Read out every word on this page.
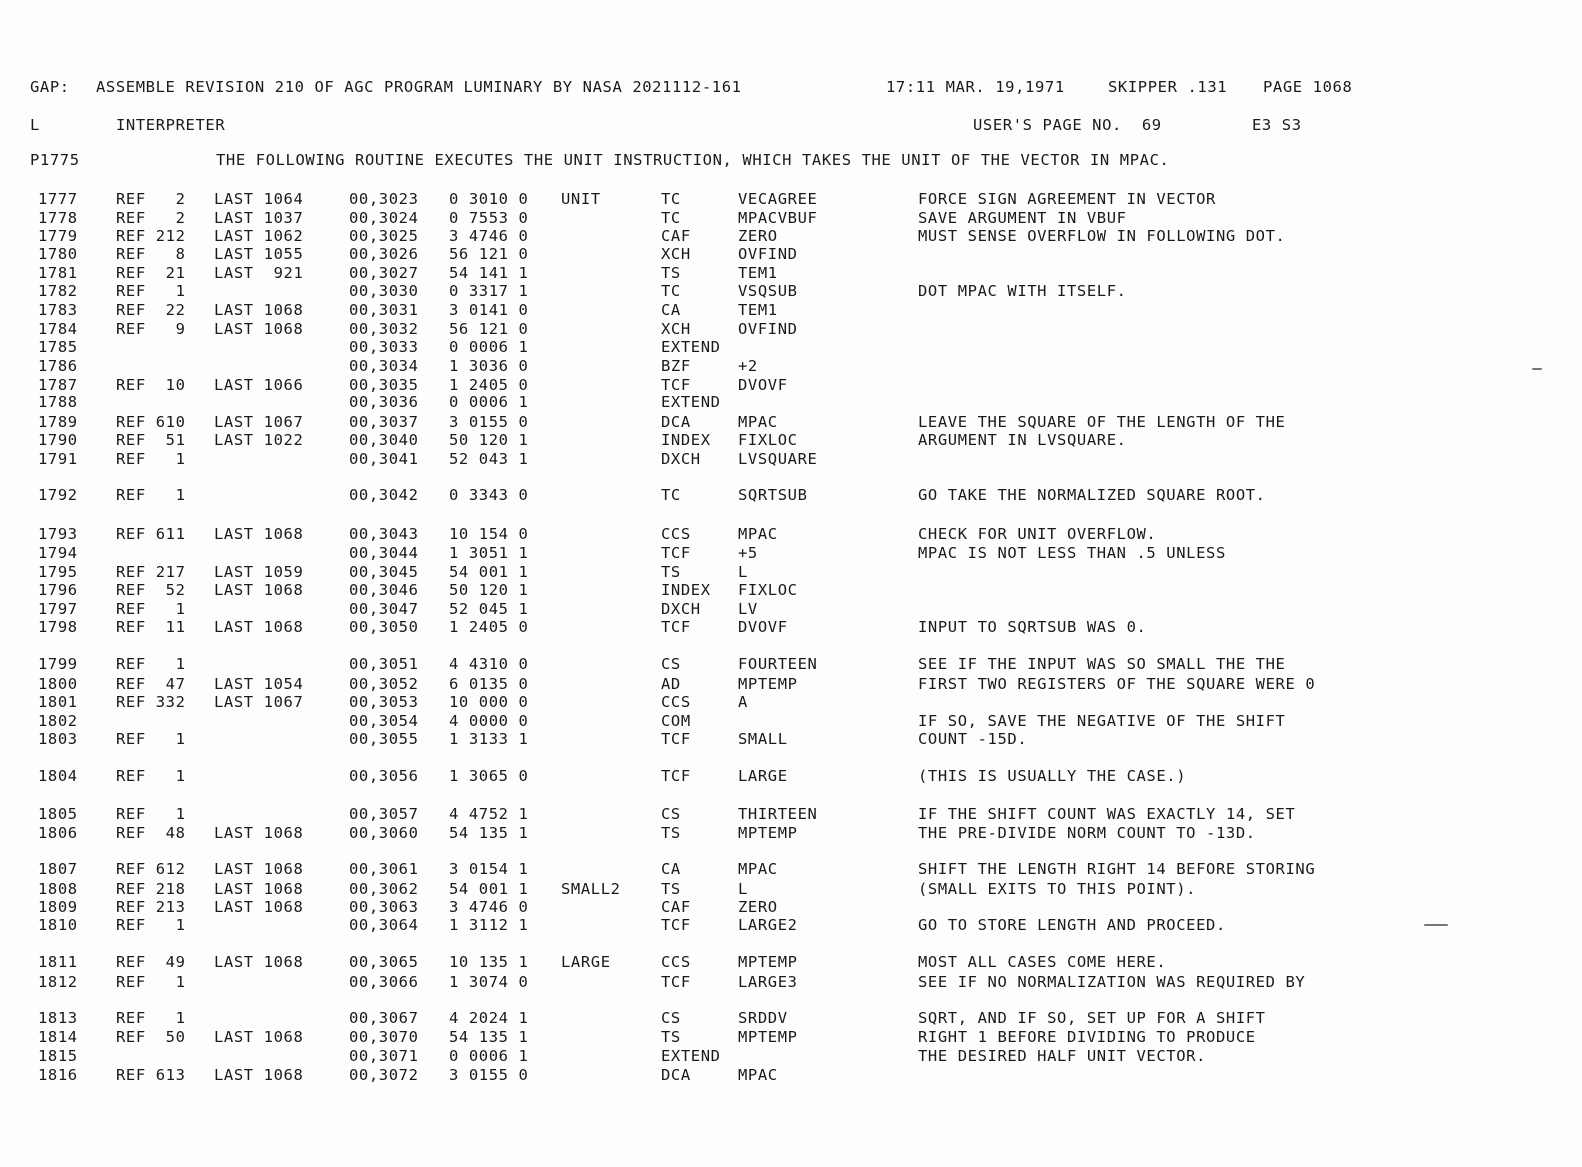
GAP: ASSEMBLE REVISION 210 OF AGC PROGRAM LUMINARY BY NASA 2021112-161	17:11 MAR. 19,1971	SKIPPER .131 PAGE 1068
L	INTERPRETER	USER'S PAGE NO.  69	E3 S3
P1775	THE FOLLOWING ROUTINE EXECUTES THE UNIT INSTRUCTION, WHICH TAKES THE UNIT OF THE VECTOR IN MPAC.
1777 REF   2 LAST 1064	00,3023 0 3010 0 UNIT	TC	VECAGREE	FORCE SIGN AGREEMENT IN VECTOR
1778 REF   2 LAST 1037	00,3024 0 7553 0	TC	MPACVBUF	SAVE ARGUMENT IN VBUF
1779 REF 212 LAST 1062	00,3025 3 4746 0	CAF	ZERO	MUST SENSE OVERFLOW IN FOLLOWING DOT.
1780 REF   8 LAST 1055	00,3026 56 121 0	XCH	OVFIND
1781 REF  21 LAST  921	00,3027 54 141 1	TS	TEM1
1782 REF   1	00,3030 0 3317 1	TC	VSQSUB	DOT MPAC WITH ITSELF.
1783 REF  22 LAST 1068	00,3031 3 0141 0	CA	TEM1
1784 REF   9 LAST 1068	00,3032 56 121 0	XCH	OVFIND
1785	00,3033 0 0006 1	EXTEND
1786	00,3034 1 3036 0	BZF	+2
1787 REF  10 LAST 1066	00,3035 1 2405 0	TCF	DVOVF
1788	00,3036 0 0006 1	EXTEND
1789 REF 610 LAST 1067	00,3037 3 0155 0	DCA	MPAC	LEAVE THE SQUARE OF THE LENGTH OF THE
1790 REF  51 LAST 1022	00,3040 50 120 1	INDEX FIXLOC	ARGUMENT IN LVSQUARE.
1791 REF   1	00,3041 52 043 1	DXCH LVSQUARE
1792 REF   1	00,3042 0 3343 0	TC	SQRTSUB	GO TAKE THE NORMALIZED SQUARE ROOT.
1793 REF 611 LAST 1068	00,3043 10 154 0	CCS	MPAC	CHECK FOR UNIT OVERFLOW.
1794	00,3044 1 3051 1	TCF	+5	MPAC IS NOT LESS THAN .5 UNLESS
1795 REF 217 LAST 1059	00,3045 54 001 1	TS	L
1796 REF  52 LAST 1068	00,3046 50 120 1	INDEX FIXLOC
1797 REF   1	00,3047 52 045 1	DXCH LV
1798 REF  11 LAST 1068	00,3050 1 2405 0	TCF	DVOVF	INPUT TO SQRTSUB WAS 0.
1799 REF   1	00,3051 4 4310 0	CS	FOURTEEN	SEE IF THE INPUT WAS SO SMALL THE THE
1800 REF  47 LAST 1054	00,3052 6 0135 0	AD	MPTEMP	FIRST TWO REGISTERS OF THE SQUARE WERE 0
1801 REF 332 LAST 1067	00,3053 10 000 0	CCS	A
1802	00,3054 4 0000 0	COM	IF SO, SAVE THE NEGATIVE OF THE SHIFT
1803 REF   1	00,3055 1 3133 1	TCF	SMALL	COUNT -15D.
1804 REF   1	00,3056 1 3065 0	TCF	LARGE	(THIS IS USUALLY THE CASE.)
1805 REF   1	00,3057 4 4752 1	CS	THIRTEEN	IF THE SHIFT COUNT WAS EXACTLY 14, SET
1806 REF  48 LAST 1068	00,3060 54 135 1	TS	MPTEMP	THE PRE-DIVIDE NORM COUNT TO -13D.
1807 REF 612 LAST 1068	00,3061 3 0154 1	CA	MPAC	SHIFT THE LENGTH RIGHT 14 BEFORE STORING
1808 REF 218 LAST 1068	00,3062 54 001 1 SMALL2	TS	L	(SMALL EXITS TO THIS POINT).
1809 REF 213 LAST 1068	00,3063 3 4746 0	CAF	ZERO
1810 REF   1	00,3064 1 3112 1	TCF	LARGE2	GO TO STORE LENGTH AND PROCEED.
1811 REF  49 LAST 1068	00,3065 10 135 1 LARGE	CCS	MPTEMP	MOST ALL CASES COME HERE.
1812 REF   1	00,3066 1 3074 0	TCF	LARGE3	SEE IF NO NORMALIZATION WAS REQUIRED BY
1813 REF   1	00,3067 4 2024 1	CS	SRDDV	SQRT, AND IF SO, SET UP FOR A SHIFT
1814 REF  50 LAST 1068	00,3070 54 135 1	TS	MPTEMP	RIGHT 1 BEFORE DIVIDING TO PRODUCE
1815	00,3071 0 0006 1	EXTEND	THE DESIRED HALF UNIT VECTOR.
1816 REF 613 LAST 1068	00,3072 3 0155 0	DCA	MPAC
